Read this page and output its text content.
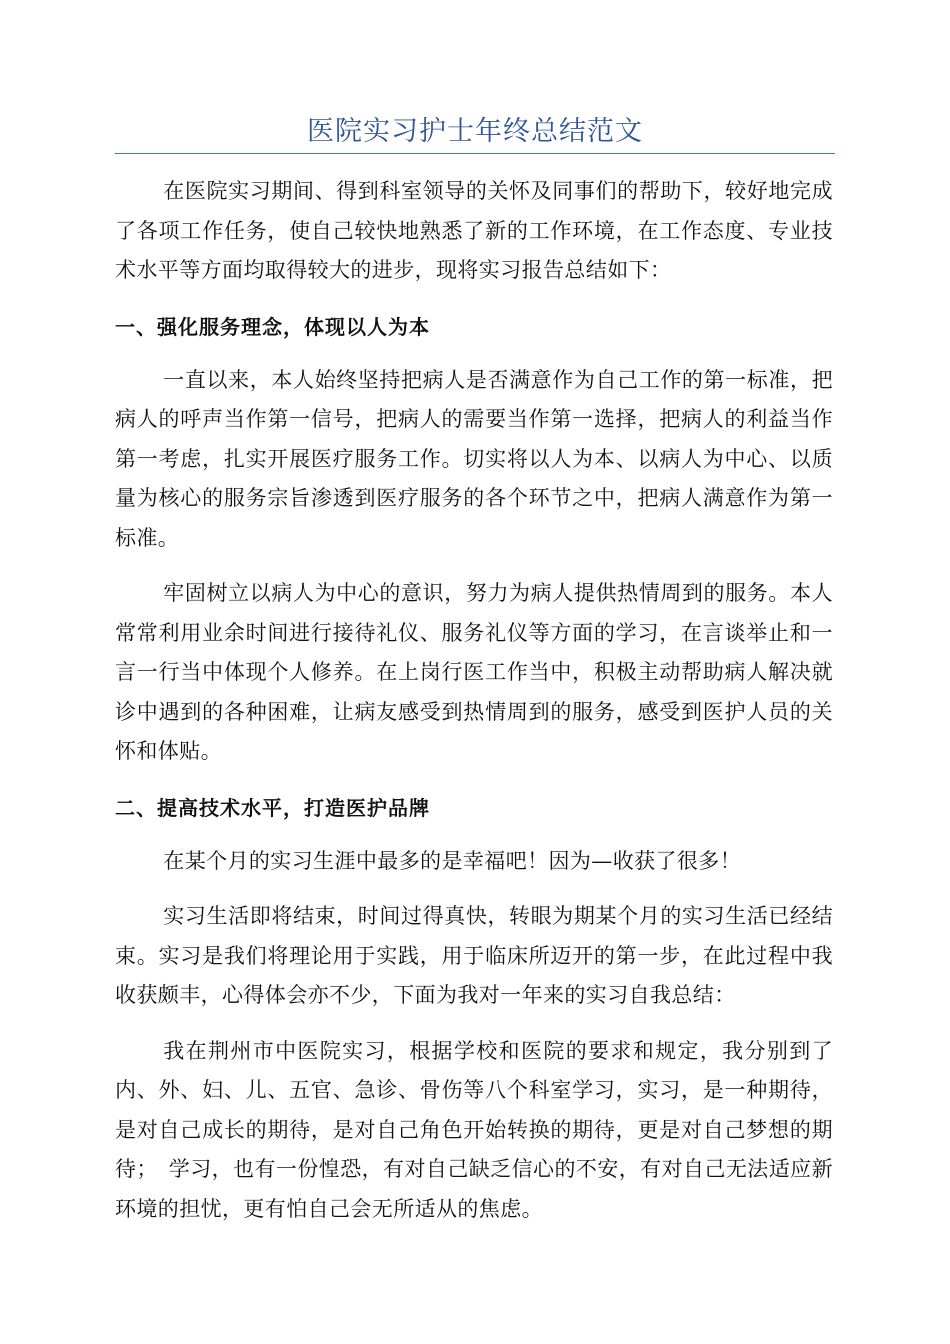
医院实习护士年终总结范文

在医院实习期间、得到科室领导的关怀及同事们的帮助下，较好地完成了各项工作任务，使自己较快地熟悉了新的工作环境，在工作态度、专业技术水平等方面均取得较大的进步，现将实习报告总结如下：

一、强化服务理念，体现以人为本

一直以来，本人始终坚持把病人是否满意作为自己工作的第一标准，把病人的呼声当作第一信号，把病人的需要当作第一选择，把病人的利益当作第一考虑，扎实开展医疗服务工作。切实将以人为本、以病人为中心、以质量为核心的服务宗旨渗透到医疗服务的各个环节之中，把病人满意作为第一标准。

牢固树立以病人为中心的意识，努力为病人提供热情周到的服务。本人常常利用业余时间进行接待礼仪、服务礼仪等方面的学习，在言谈举止和一言一行当中体现个人修养。在上岗行医工作当中，积极主动帮助病人解决就诊中遇到的各种困难，让病友感受到热情周到的服务，感受到医护人员的关怀和体贴。

二、提高技术水平，打造医护品牌

在某个月的实习生涯中最多的是幸福吧！因为—收获了很多！

实习生活即将结束，时间过得真快，转眼为期某个月的实习生活已经结束。实习是我们将理论用于实践，用于临床所迈开的第一步，在此过程中我收获颇丰，心得体会亦不少，下面为我对一年来的实习自我总结：

我在荆州市中医院实习，根据学校和医院的要求和规定，我分别到了内、外、妇、儿、五官、急诊、骨伤等八个科室学习，实习，是一种期待，是对自己成长的期待，是对自己角色开始转换的期待，更是对自己梦想的期待；　学习，也有一份惶恐，有对自己缺乏信心的不安，有对自己无法适应新环境的担忧，更有怕自己会无所适从的焦虑。
